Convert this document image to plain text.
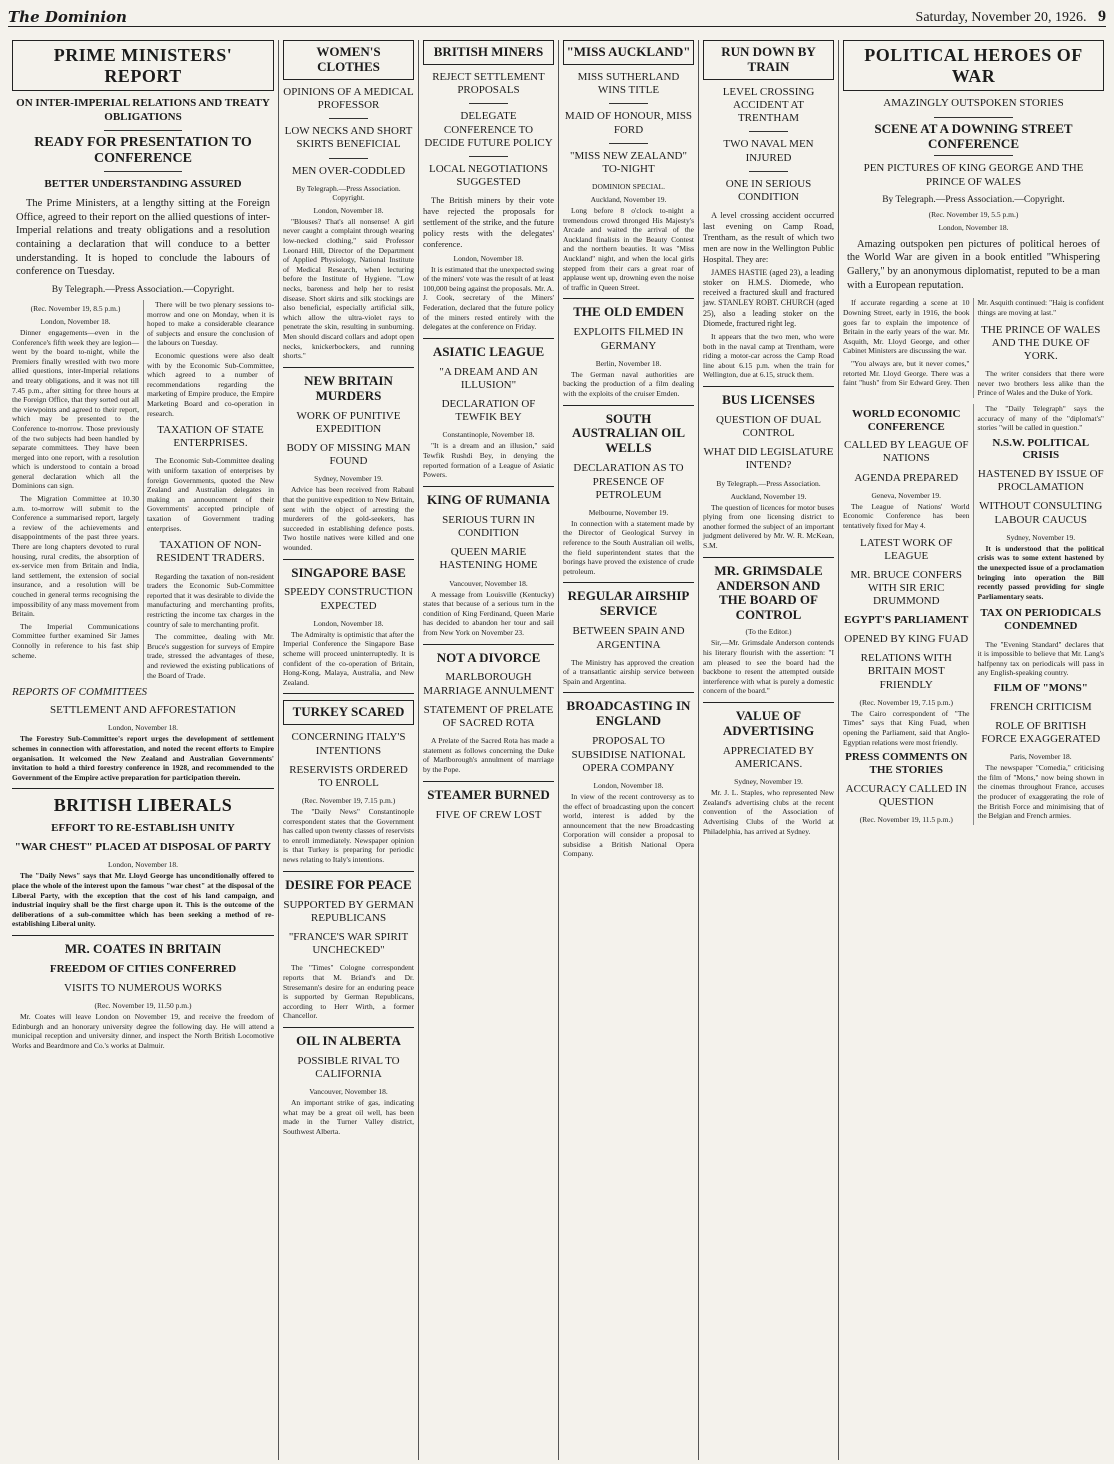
The Dominion	Saturday, November 20, 1926. 9
PRIME MINISTERS' REPORT
ON INTER-IMPERIAL RELATIONS AND TREATY OBLIGATIONS
READY FOR PRESENTATION TO CONFERENCE
BETTER UNDERSTANDING ASSURED
The Prime Ministers, at a lengthy sitting at the Foreign Office, agreed to their report on the allied questions of inter-Imperial relations and treaty obligations and a resolution containing a declaration that will conduce to a better understanding. It is hoped to conclude the labours of conference on Tuesday.
By Telegraph.—Press Association.—Copyright.
(Rec. November 19, 8.5 p.m.)
London, November 18.

Dinner engagements—even in the Conference's fifth week they are legion—went by the board to-night, while the Premiers finally wrestled with two more allied questions, inter-Imperial relations and treaty obligations, and it was not till 7.45 p.m., after sitting for three hours at the Foreign Office, that they sorted out all the viewpoints and agreed to their report, which may be presented to the Conference to-morrow. Those previously of the two subjects had been handled by separate committees. They have been merged into one report, with a resolution which is understood to contain a broad general declaration which all the Dominions can sign.

The Migration Committee at 10.30 a.m. to-morrow will submit to the Conference a summarised report, largely a review of the achievements and disappointments of the past three years. There are long chapters devoted to rural housing, rural credits, the absorption of ex-service men from Britain and India, land settlement, the extension of social insurance, and a resolution will be couched in general terms recognising the impossibility of any mass movement from Britain.

The Imperial Communications Committee further examined Sir James Connolly in reference to his fast ship scheme.

There will be two plenary sessions to-morrow and one on Monday, when it is hoped to make a considerable clearance of subjects and ensure the conclusion of the labours on Tuesday.

Economic questions were also dealt with by the Economic Sub-Committee, which agreed to a number of recommendations regarding the marketing of Empire produce, the Empire Marketing Board and co-operation in research.

TAXATION OF STATE ENTERPRISES.

The Economic Sub-Committee dealing with uniform taxation of enterprises by foreign Governments, quoted the New Zealand and Australian delegates in making an announcement of their Governments' accepted principle of taxation of Government trading enterprises.

TAXATION OF NON-RESIDENT TRADERS.

Regarding the taxation of non-resident traders the Economic Sub-Committee reported that it was desirable to divide the manufacturing and merchanting profits, restricting the income tax charges in the country of sale to merchanting profit.

The committee, dealing with Mr. Bruce's suggestion for surveys of Empire trade, stressed the advantages of these, and reviewed the existing publications of the Board of Trade.

REPORTS OF COMMITTEES
SETTLEMENT AND AFFORESTATION
London, November 18.

The Forestry Sub-Committee's report urges the development of settlement schemes in connection with afforestation, and noted the recent efforts to Empire organisation. It welcomed the New Zealand and Australian Governments' invitation to hold a third forestry conference in 1928, and recommended to the Government of the Empire active preparation for participation therein.

BRITISH LIBERALS
EFFORT TO RE-ESTABLISH UNITY
"WAR CHEST" PLACED AT DISPOSAL OF PARTY
London, November 18.

The "Daily News" says that Mr. Lloyd George has unconditionally offered to place the whole of the interest upon the famous "war chest" at the disposal of the Liberal Party, with the exception that the cost of his land campaign, and industrial inquiry shall be the first charge upon it. This is the outcome of the deliberations of a sub-committee which has been seeking a method of re-establishing Liberal unity.

MR. COATES IN BRITAIN
FREEDOM OF CITIES CONFERRED
VISITS TO NUMEROUS WORKS
(Rec. November 19, 11.50 p.m.)

Mr. Coates will leave London on November 19, and receive the freedom of Edinburgh and an honorary university degree the following day. He will attend a municipal reception and university dinner, and inspect the North British Locomotive Works and Beardmore and Co.'s works at Dalmuir.

WOMEN'S CLOTHES
OPINIONS OF A MEDICAL PROFESSOR
LOW NECKS AND SHORT SKIRTS BENEFICIAL
MEN OVER-CODDLED
By Telegraph.—Press Association. Copyright.
London, November 18.

"Blouses? That's all nonsense! A girl never caught a complaint through wearing low-necked clothing," said Professor Leonard Hill, Director of the Department of Applied Physiology, National Institute of Medical Research, when lecturing before the Institute of Hygiene. "Low necks, bareness and help her to resist disease. Short skirts and silk stockings are also beneficial, especially artificial silk, which allow the ultra-violet rays to penetrate the skin, resulting in sunburning. Men should discard collars and adopt open necks, knickerbockers, and running shorts."

NEW BRITAIN MURDERS
WORK OF PUNITIVE EXPEDITION
BODY OF MISSING MAN FOUND
Sydney, November 19.

Advice has been received from Rabaul that the punitive expedition to New Britain, sent with the object of arresting the murderers of the gold-seekers, has succeeded in establishing defence posts. Two hostile natives were killed and one wounded.

SINGAPORE BASE
SPEEDY CONSTRUCTION EXPECTED
London, November 18.

The Admiralty is optimistic that after the Imperial Conference the Singapore Base scheme will proceed uninterruptedly. It is confident of the co-operation of Britain, Hong-Kong, Malaya, Australia, and New Zealand.

TURKEY SCARED
CONCERNING ITALY'S INTENTIONS
RESERVISTS ORDERED TO ENROLL
(Rec. November 19, 7.15 p.m.)

The "Daily News" Constantinople correspondent states that the Government has called upon twenty classes of reservists to enroll immediately. Newspaper opinion is that Turkey is preparing for periodic news relating to Italy's intentions.

DESIRE FOR PEACE
SUPPORTED BY GERMAN REPUBLICANS
"FRANCE'S WAR SPIRIT UNCHECKED"

The "Times" Cologne correspondent reports that M. Briand's and Dr. Stresemann's desire for an enduring peace is supported by German Republicans, according to Herr Wirth, a former Chancellor.

OIL IN ALBERTA
POSSIBLE RIVAL TO CALIFORNIA
Vancouver, November 18.

An important strike of gas, indicating what may be a great oil well, has been made in the Turner Valley district, Southwest Alberta.

BRITISH MINERS
REJECT SETTLEMENT PROPOSALS
DELEGATE CONFERENCE TO DECIDE FUTURE POLICY
LOCAL NEGOTIATIONS SUGGESTED

The British miners by their vote have rejected the proposals for settlement of the strike, and the future policy rests with the delegates' conference.

London, November 18.

It is estimated that the unexpected swing of the miners' vote was the result of at least 100,000 being against the proposals. Mr. A. J. Cook, secretary of the Miners' Federation, declared that the future policy of the miners rested entirely with the delegates at the conference on Friday.

ASIATIC LEAGUE
"A DREAM AND AN ILLUSION"
DECLARATION OF TEWFIK BEY
Constantinople, November 18.

"It is a dream and an illusion," said Tewfik Rushdi Bey, in denying the reported formation of a League of Asiatic Powers.

KING OF RUMANIA
SERIOUS TURN IN CONDITION
QUEEN MARIE HASTENING HOME
Vancouver, November 18.

A message from Louisville (Kentucky) states that because of a serious turn in the condition of King Ferdinand, Queen Marie has decided to abandon her tour and sail from New York on November 23.

NOT A DIVORCE
MARLBOROUGH MARRIAGE ANNULMENT
STATEMENT OF PRELATE OF SACRED ROTA

A Prelate of the Sacred Rota has made a statement as follows concerning the Duke of Marlborough's annulment of marriage by the Pope.

STEAMER BURNED
FIVE OF CREW LOST
"MISS AUCKLAND"
MISS SUTHERLAND WINS TITLE
MAID OF HONOUR, MISS FORD
"MISS NEW ZEALAND" TO-NIGHT
DOMINION SPECIAL.
Auckland, November 19.

Long before 8 o'clock to-night a tremendous crowd thronged His Majesty's Arcade and waited the arrival of the Auckland finalists in the Beauty Contest and the northern beauties. It was "Miss Auckland" night, and when the local girls stepped from their cars a great roar of applause went up, drowning even the noise of traffic in Queen Street.

THE OLD EMDEN
EXPLOITS FILMED IN GERMANY
Berlin, November 18.

The German naval authorities are backing the production of a film dealing with the exploits of the cruiser Emden.

SOUTH AUSTRALIAN OIL WELLS
DECLARATION AS TO PRESENCE OF PETROLEUM
Melbourne, November 19.

In connection with a statement made by the Director of Geological Survey in reference to the South Australian oil wells, the field superintendent states that the borings have proved the existence of crude petroleum.

REGULAR AIRSHIP SERVICE
BETWEEN SPAIN AND ARGENTINA

The Ministry has approved the creation of a transatlantic airship service between Spain and Argentina.

BROADCASTING IN ENGLAND
PROPOSAL TO SUBSIDISE NATIONAL OPERA COMPANY
London, November 18.

In view of the recent controversy as to the effect of broadcasting upon the concert world, interest is added by the announcement that the new Broadcasting Corporation will consider a proposal to subsidise a British National Opera Company.

RUN DOWN BY TRAIN
LEVEL CROSSING ACCIDENT AT TRENTHAM
TWO NAVAL MEN INJURED
ONE IN SERIOUS CONDITION

A level crossing accident occurred last evening on Camp Road, Trentham, as the result of which two men are now in the Wellington Public Hospital. They are:

JAMES HASTIE (aged 23), a leading stoker on H.M.S. Diomede, who received a fractured skull and fractured jaw. STANLEY ROBT. CHURCH (aged 25), also a leading stoker on the Diomede, fractured right leg.

It appears that the two men, who were both in the naval camp at Trentham, were riding a motor-car across the Camp Road line about 6.15 p.m. when the train for Wellington, due at 6.15, struck them.

BUS LICENSES
QUESTION OF DUAL CONTROL
WHAT DID LEGISLATURE INTEND?
By Telegraph.—Press Association.
Auckland, November 19.

The question of licences for motor buses plying from one licensing district to another formed the subject of an important judgment delivered by Mr. W. R. McKean, S.M.

MR. GRIMSDALE ANDERSON AND THE BOARD OF CONTROL
(To the Editor.)

Sir,—Mr. Grimsdale Anderson contends his literary flourish with the assertion: "I am pleased to see the board had the backbone to resent the attempted outside interference with what is purely a domestic concern of the board."

VALUE OF ADVERTISING
APPRECIATED BY AMERICANS.
Sydney, November 19.

Mr. J. L. Staples, who represented New Zealand's advertising clubs at the recent convention of the Association of Advertising Clubs of the World at Philadelphia, has arrived at Sydney.

POLITICAL HEROES OF WAR
AMAZINGLY OUTSPOKEN STORIES
SCENE AT A DOWNING STREET CONFERENCE
PEN PICTURES OF KING GEORGE AND THE PRINCE OF WALES
By Telegraph.—Press Association.—Copyright.
(Rec. November 19, 5.5 p.m.)
London, November 18.
Amazing outspoken pen pictures of political heroes of the World War are given in a book entitled "Whispering Gallery," by an anonymous diplomatist, reputed to be a man with a European reputation.

If accurate regarding a scene at 10 Downing Street, early in 1916, the book goes far to explain the impotence of Britain in the early years of the war. Mr. Asquith, Mr. Lloyd George, and other Cabinet Ministers are discussing the war.

"You always are, but it never comes," retorted Mr. Lloyd George. There was a faint "hush" from Sir Edward Grey. Then Mr. Asquith continued: "Haig is confident things are moving at last."

THE PRINCE OF WALES AND THE DUKE OF YORK.

The writer considers that there were never two brothers less alike than the Prince of Wales and the Duke of York.

WORLD ECONOMIC CONFERENCE
CALLED BY LEAGUE OF NATIONS
AGENDA PREPARED
Geneva, November 19.

The League of Nations' World Economic Conference has been tentatively fixed for May 4.

LATEST WORK OF LEAGUE
MR. BRUCE CONFERS WITH SIR ERIC DRUMMOND
EGYPT'S PARLIAMENT
OPENED BY KING FUAD
RELATIONS WITH BRITAIN MOST FRIENDLY
(Rec. November 19, 7.15 p.m.)

The Cairo correspondent of "The Times" says that King Fuad, when opening the Parliament, said that Anglo-Egyptian relations were most friendly.

PRESS COMMENTS ON THE STORIES
ACCURACY CALLED IN QUESTION
(Rec. November 19, 11.5 p.m.)

The "Daily Telegraph" says the accuracy of many of the "diplomat's" stories "will be called in question."

N.S.W. POLITICAL CRISIS
HASTENED BY ISSUE OF PROCLAMATION
WITHOUT CONSULTING LABOUR CAUCUS
Sydney, November 19.

It is understood that the political crisis was to some extent hastened by the unexpected issue of a proclamation bringing into operation the Bill recently passed providing for single Parliamentary seats.

TAX ON PERIODICALS CONDEMNED

The "Evening Standard" declares that it is impossible to believe that Mr. Lang's halfpenny tax on periodicals will pass in any English-speaking country.

FILM OF "MONS"
FRENCH CRITICISM
ROLE OF BRITISH FORCE EXAGGERATED
Paris, November 18.

The newspaper "Comedia," criticising the film of "Mons," now being shown in the cinemas throughout France, accuses the producer of exaggerating the role of the British Force and minimising that of the Belgian and French armies.
